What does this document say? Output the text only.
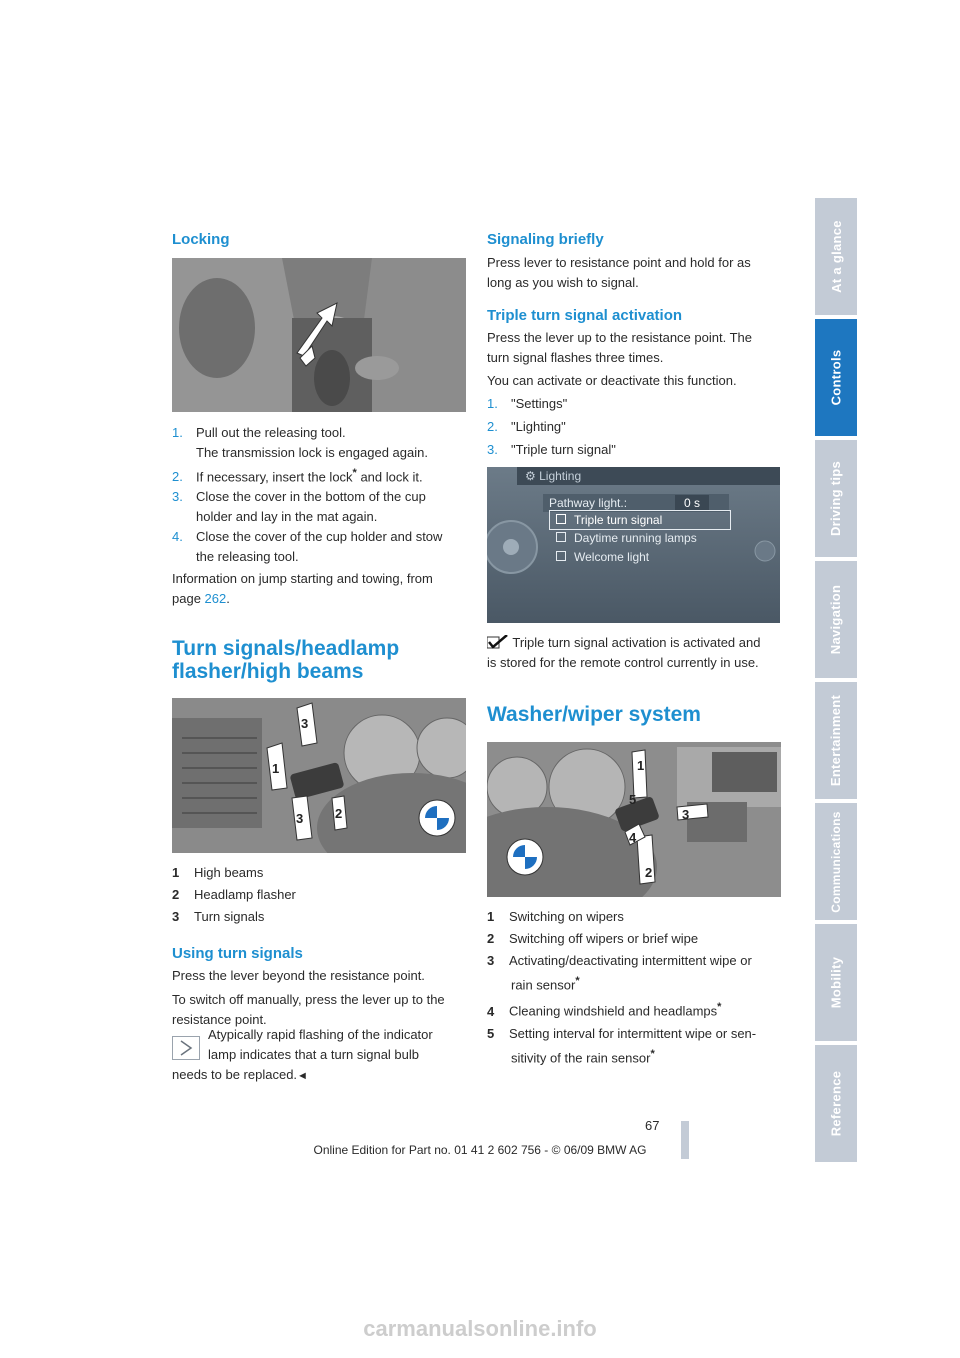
Locking
1. Pull out the releasing tool.
The transmission lock is engaged again.
2. If necessary, insert the lock* and lock it.
3. Close the cover in the bottom of the cup
holder and lay in the mat again.
4. Close the cover of the cup holder and stow
the releasing tool.
Information on jump starting and towing, from
page 262.
Turn signals/headlamp
flasher/high beams
1
3
3 2
1 High beams
2 Headlamp flasher
3 Turn signals
Using turn signals
Press the lever beyond the resistance point.
To switch off manually, press the lever up to the
resistance point.
Atypically rapid flashing of the indicator
lamp indicates that a turn signal bulb
needs to be replaced.◄
Signaling briefly
Press lever to resistance point and hold for as
long as you wish to signal.
Triple turn signal activation
Press the lever up to the resistance point. The
turn signal flashes three times.
You can activate or deactivate this function.
1. "Settings"
2. "Lighting"
3. "Triple turn signal"
⚙ Lighting
Pathway light.:	0 s
Triple turn signal
Daytime running lamps
Welcome light
Triple turn signal activation is activated and
is stored for the remote control currently in use.
Washer/wiper system
1
3
2
4
5
1 Switching on wipers
2 Switching off wipers or brief wipe
3 Activating/deactivating intermittent wipe or
rain sensor*
4 Cleaning windshield and headlamps*
5 Setting interval for intermittent wipe or sen-
sitivity of the rain sensor*
At a glance
Controls
Driving tips
Navigation
Entertainment
Communications
Mobility
Reference
67
Online Edition for Part no. 01 41 2 602 756 - © 06/09 BMW AG
carmanualsonline.info
